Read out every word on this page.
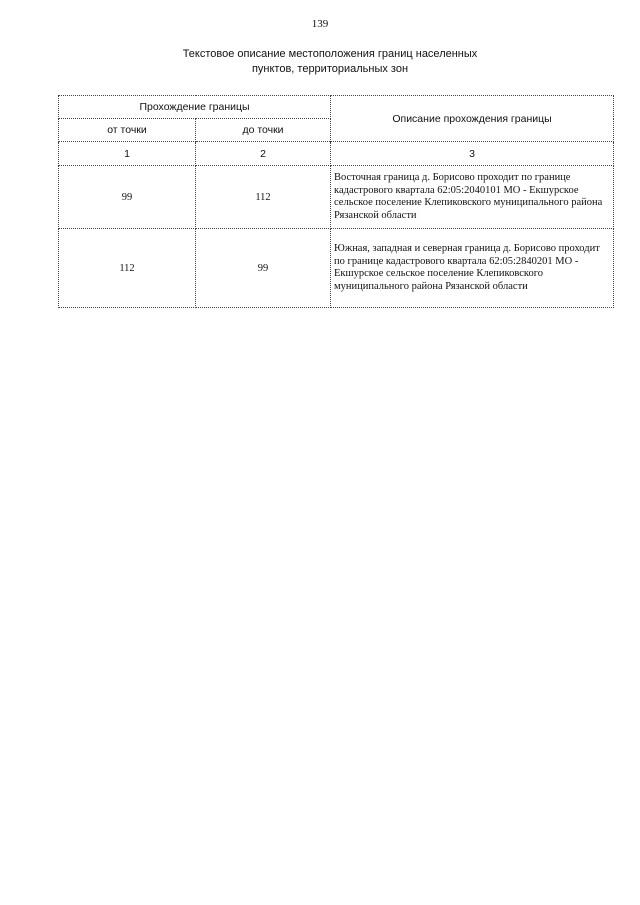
139
Текстовое описание местоположения границ населенных
пунктов, территориальных зон
Прохождение границы		Описание прохождения границы
от точки	до точки	
1	2	3
99	112	Восточная граница д. Борисово проходит по границе кадастрового квартала 62:05:2040101 МО - Екшурское сельское поселение Клепиковского муниципального района Рязанской области
112	99	Южная, западная и северная граница д. Борисово проходит по границе кадастрового квартала 62:05:2840201 МО - Екшурское сельское поселение Клепиковского муниципального района Рязанской области
